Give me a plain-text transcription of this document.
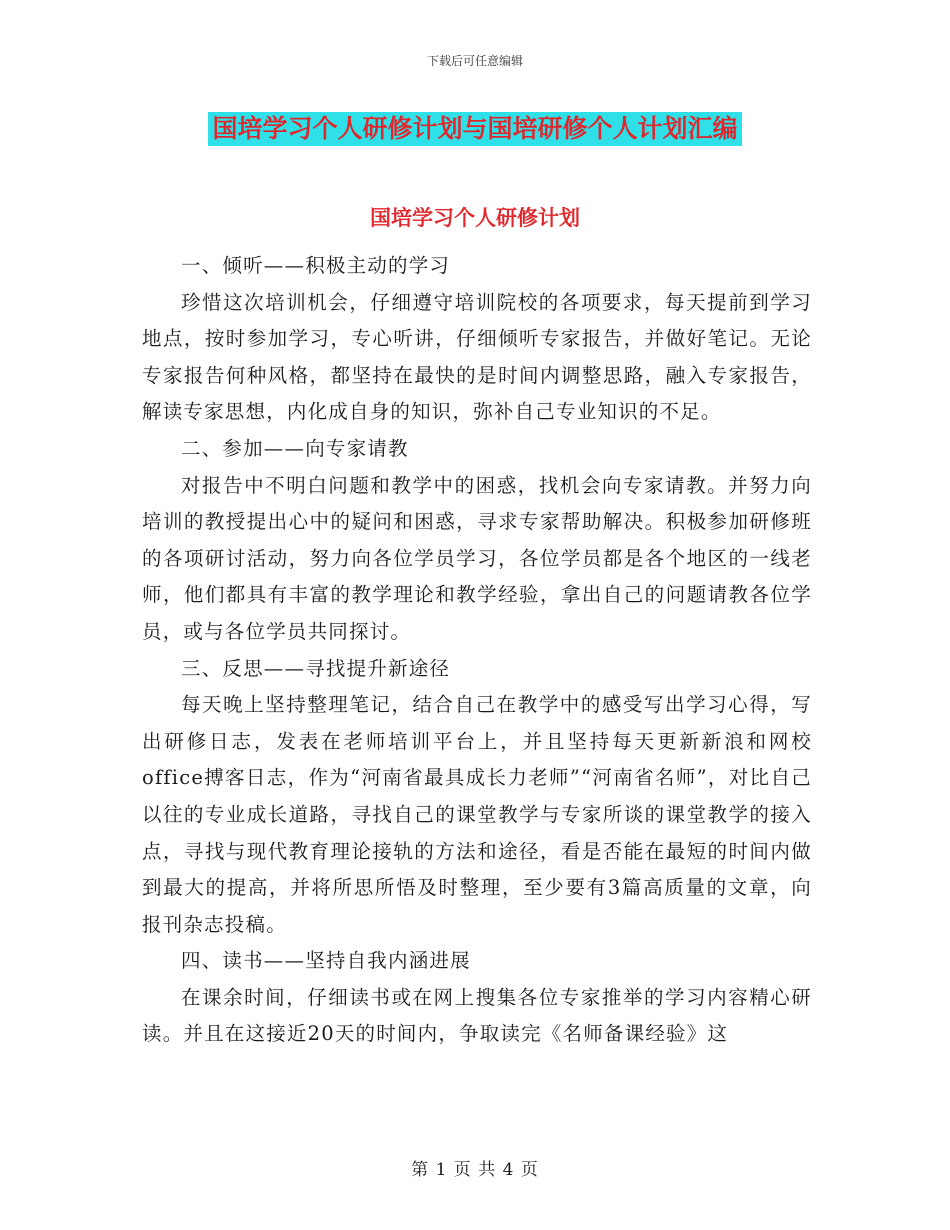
下载后可任意编辑
国培学习个人研修计划与国培研修个人计划汇编
国培学习个人研修计划

一、倾听——积极主动的学习

珍惜这次培训机会，仔细遵守培训院校的各项要求，每天提前到学习地点，按时参加学习，专心听讲，仔细倾听专家报告，并做好笔记。无论专家报告何种风格，都坚持在最快的是时间内调整思路，融入专家报告，解读专家思想，内化成自身的知识，弥补自己专业知识的不足。

二、参加——向专家请教

对报告中不明白问题和教学中的困惑，找机会向专家请教。并努力向培训的教授提出心中的疑问和困惑，寻求专家帮助解决。积极参加研修班的各项研讨活动，努力向各位学员学习，各位学员都是各个地区的一线老师，他们都具有丰富的教学理论和教学经验，拿出自己的问题请教各位学员，或与各位学员共同探讨。

三、反思——寻找提升新途径

每天晚上坚持整理笔记，结合自己在教学中的感受写出学习心得，写出研修日志，发表在老师培训平台上，并且坚持每天更新新浪和网校office搏客日志，作为“河南省最具成长力老师”“河南省名师”，对比自己以往的专业成长道路，寻找自己的课堂教学与专家所谈的课堂教学的接入点，寻找与现代教育理论接轨的方法和途径，看是否能在最短的时间内做到最大的提高，并将所思所悟及时整理，至少要有3篇高质量的文章，向报刊杂志投稿。

四、读书——坚持自我内涵进展

在课余时间，仔细读书或在网上搜集各位专家推举的学习内容精心研读。并且在这接近20天的时间内，争取读完《名师备课经验》这

第 1 页 共 4 页
